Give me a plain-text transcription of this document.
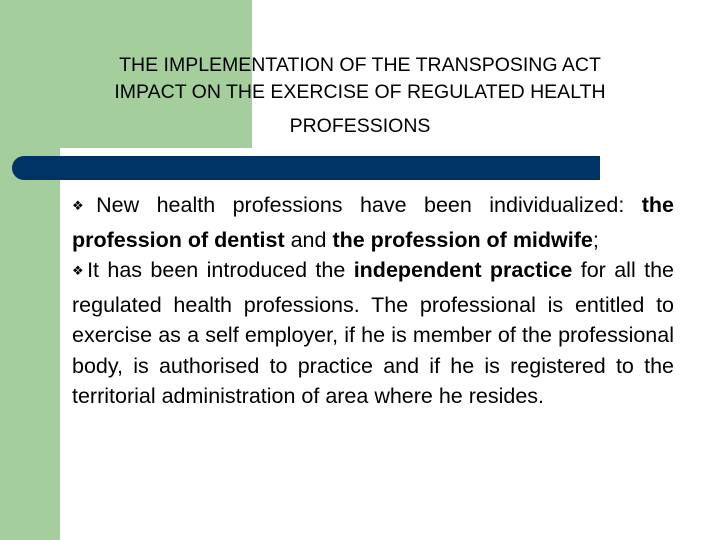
THE IMPLEMENTATION OF THE TRANSPOSING ACT
IMPACT ON THE EXERCISE OF REGULATED HEALTH
PROFESSIONS

❖New health professions have been individualized: the profession of dentist and the profession of midwife;

❖It has been introduced the independent practice for all the regulated health professions. The professional is entitled to exercise as a self employer, if he is member of the professional body, is authorised to practice and if he is registered to the territorial administration of area where he resides.
